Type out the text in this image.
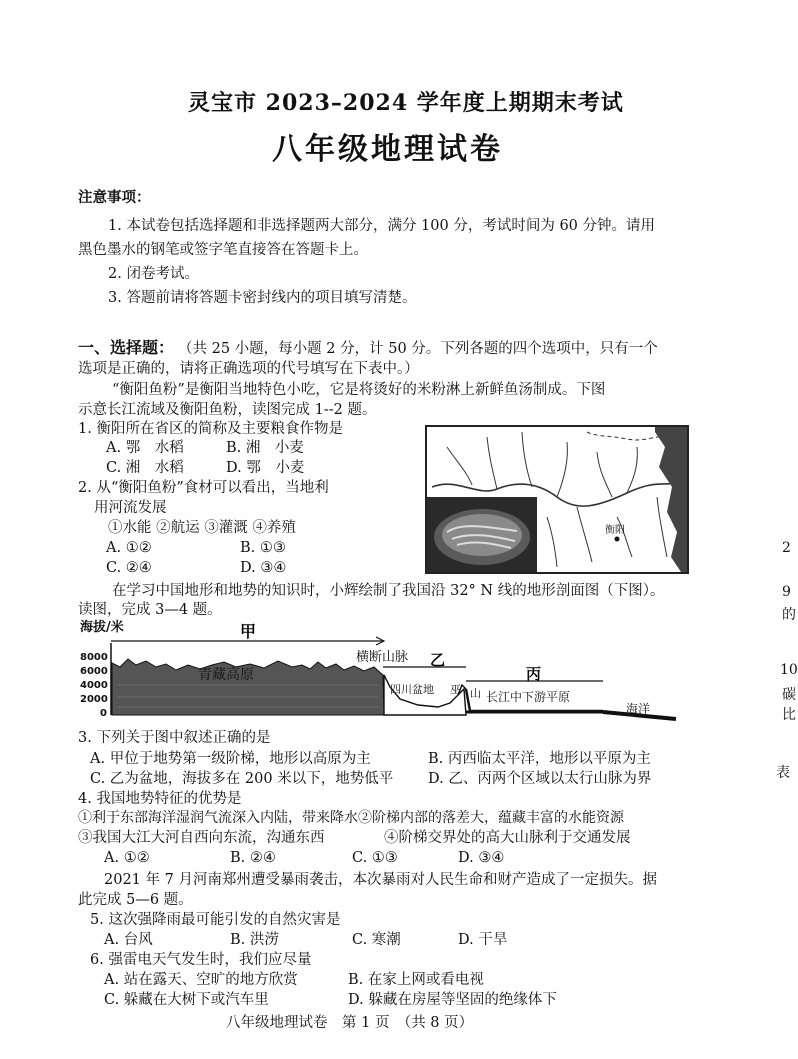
灵宝市 2023–2024 学年度上期期末考试
八年级地理试卷
注意事项：
1. 本试卷包括选择题和非选择题两大部分，满分 100 分，考试时间为 60 分钟。请用
黑色墨水的钢笔或签字笔直接答在答题卡上。
2. 闭卷考试。
3. 答题前请将答题卡密封线内的项目填写清楚。
一、选择题： （共 25 小题，每小题 2 分，计 50 分。下列各题的四个选项中，只有一个
选项是正确的，请将正确选项的代号填写在下表中。）
“衡阳鱼粉”是衡阳当地特色小吃，它是将烫好的米粉淋上新鲜鱼汤制成。下图
示意长江流域及衡阳鱼粉，读图完成 1--2 题。
1. 衡阳所在省区的简称及主要粮食作物是
A. 鄂　水稻	B. 湘　小麦
C. 湘　水稻	D. 鄂　小麦
2. 从“衡阳鱼粉”食材可以看出，当地利
用河流发展
①水能 ②航运 ③灌溉 ④养殖
A. ①②	B. ①③
C. ②④	D. ③④
衡阳
在学习中国地形和地势的知识时，小辉绘制了我国沿 32° N 线的地形剖面图（下图）。
读图，完成 3—4 题。
海拔/米
8000
6000
4000
2000
0
甲
乙
丙
青藏高原
横断山脉
四川盆地 巫 山 长江中下游平原
海洋
3. 下列关于图中叙述正确的是
A. 甲位于地势第一级阶梯，地形以高原为主	B. 丙西临太平洋，地形以平原为主
C. 乙为盆地，海拔多在 200 米以下，地势低平 D. 乙、丙两个区域以太行山脉为界
4. 我国地势特征的优势是
①利于东部海洋湿润气流深入内陆，带来降水②阶梯内部的落差大，蕴藏丰富的水能资源
③我国大江大河自西向东流，沟通东西	④阶梯交界处的高大山脉利于交通发展
A. ①②	B. ②④	C. ①③	D. ③④
2021 年 7 月河南郑州遭受暴雨袭击，本次暴雨对人民生命和财产造成了一定损失。据
此完成 5—6 题。
5. 这次强降雨最可能引发的自然灾害是
A. 台风	B. 洪涝	C. 寒潮	D. 干旱
6. 强雷电天气发生时，我们应尽量
A. 站在露天、空旷的地方欣赏	B. 在家上网或看电视
C. 躲藏在大树下或汽车里	D. 躲藏在房屋等坚固的绝缘体下
八年级地理试卷　第 1 页　（共 8 页）
2
9
的
10
碳
比
表
